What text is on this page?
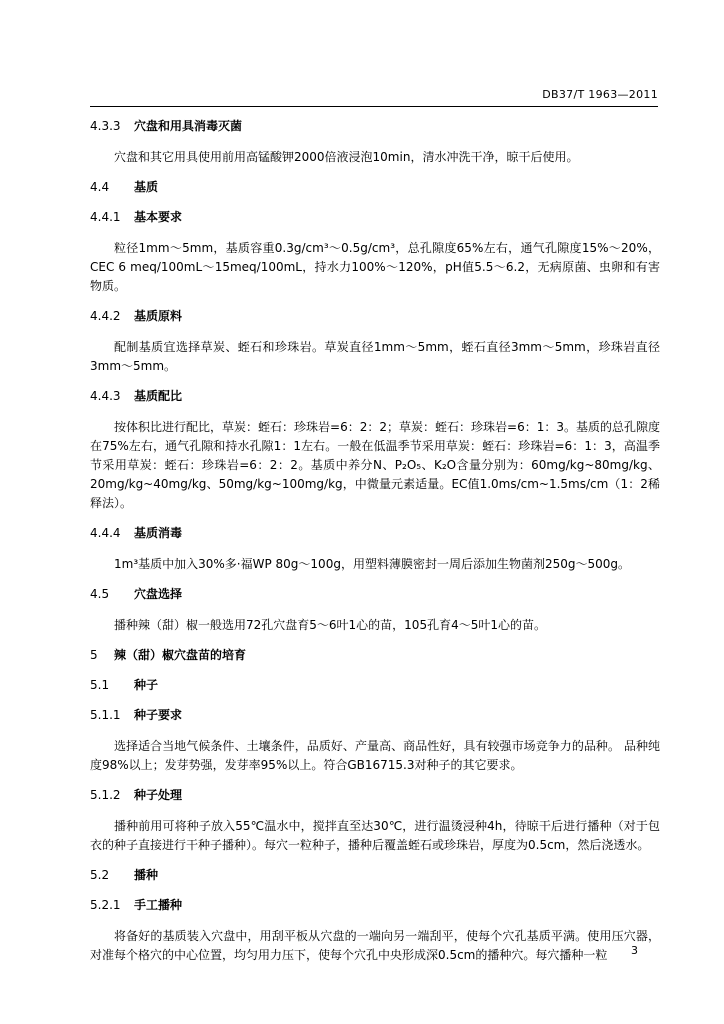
DB37/T 1963—2011
4.3.3 穴盘和用具消毒灭菌

穴盘和其它用具使用前用高锰酸钾2000倍液浸泡10min，清水冲洗干净，晾干后使用。

4.4 基质
4.4.1 基本要求

粒径1mm～5mm，基质容重0.3g/cm³～0.5g/cm³，总孔隙度65%左右，通气孔隙度15%～20%，CEC 6 meq/100mL～15meq/100mL，持水力100%～120%，pH值5.5～6.2，无病原菌、虫卵和有害物质。

4.4.2 基质原料

配制基质宜选择草炭、蛭石和珍珠岩。草炭直径1mm～5mm，蛭石直径3mm～5mm，珍珠岩直径3mm～5mm。

4.4.3 基质配比

按体积比进行配比，草炭：蛭石：珍珠岩=6：2：2；草炭：蛭石：珍珠岩=6：1：3。基质的总孔隙度在75%左右，通气孔隙和持水孔隙1：1左右。一般在低温季节采用草炭：蛭石：珍珠岩=6：1：3，高温季节采用草炭：蛭石：珍珠岩=6：2：2。基质中养分N、P₂O₅、K₂O含量分别为：60mg/kg~80mg/kg、20mg/kg~40mg/kg、50mg/kg~100mg/kg，中微量元素适量。EC值1.0ms/cm~1.5ms/cm（1：2稀释法）。

4.4.4 基质消毒

1m³基质中加入30%多·福WP 80g～100g，用塑料薄膜密封一周后添加生物菌剂250g～500g。

4.5 穴盘选择

播种辣（甜）椒一般选用72孔穴盘育5～6叶1心的苗，105孔育4～5叶1心的苗。

5 辣（甜）椒穴盘苗的培育
5.1 种子
5.1.1 种子要求

选择适合当地气候条件、土壤条件，品质好、产量高、商品性好，具有较强市场竞争力的品种。 品种纯度98%以上；发芽势强，发芽率95%以上。符合GB16715.3对种子的其它要求。

5.1.2 种子处理

播种前用可将种子放入55℃温水中，搅拌直至达30℃，进行温烫浸种4h，待晾干后进行播种（对于包衣的种子直接进行干种子播种）。每穴一粒种子，播种后覆盖蛭石或珍珠岩，厚度为0.5cm，然后浇透水。

5.2 播种
5.2.1 手工播种

将备好的基质装入穴盘中，用刮平板从穴盘的一端向另一端刮平，使每个穴孔基质平满。使用压穴器，对准每个格穴的中心位置，均匀用力压下，使每个穴孔中央形成深0.5cm的播种穴。每穴播种一粒	3
